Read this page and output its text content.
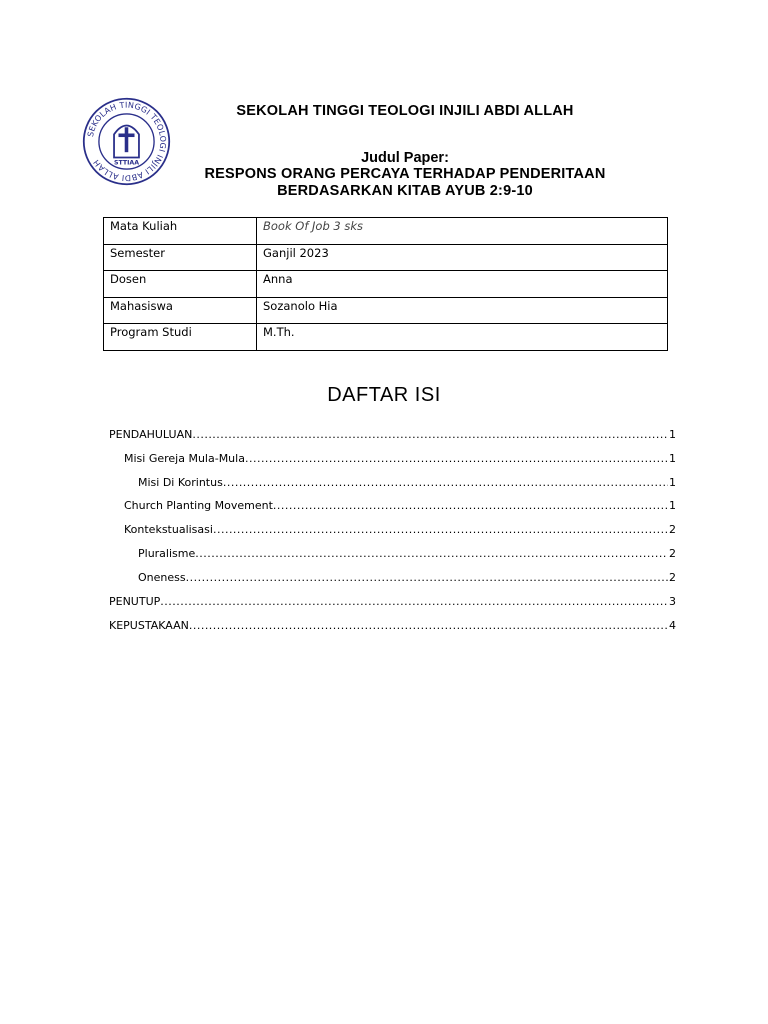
SEKOLAH TINGGI TEOLOGI INJILI ABDI ALLAH	STTIAA
SEKOLAH TINGGI TEOLOGI INJILI ABDI ALLAH
Judul Paper:
RESPONS ORANG PERCAYA TERHADAP PENDERITAAN
BERDASARKAN KITAB AYUB 2:9-10
Mata Kuliah	Book Of Job 3 sks
Semester	Ganjil 2023
Dosen	Anna
Mahasiswa	Sozanolo Hia
Program Studi	M.Th.
DAFTAR ISI
PENDAHULUAN .....	1
Misi Gereja Mula-Mula .....	1
Misi Di Korintus .....	1
Church Planting Movement .....	1
Kontekstualisasi .....	2
Pluralisme .....	2
Oneness .....	2
PENUTUP .....	3
KEPUSTAKAAN .....	4
